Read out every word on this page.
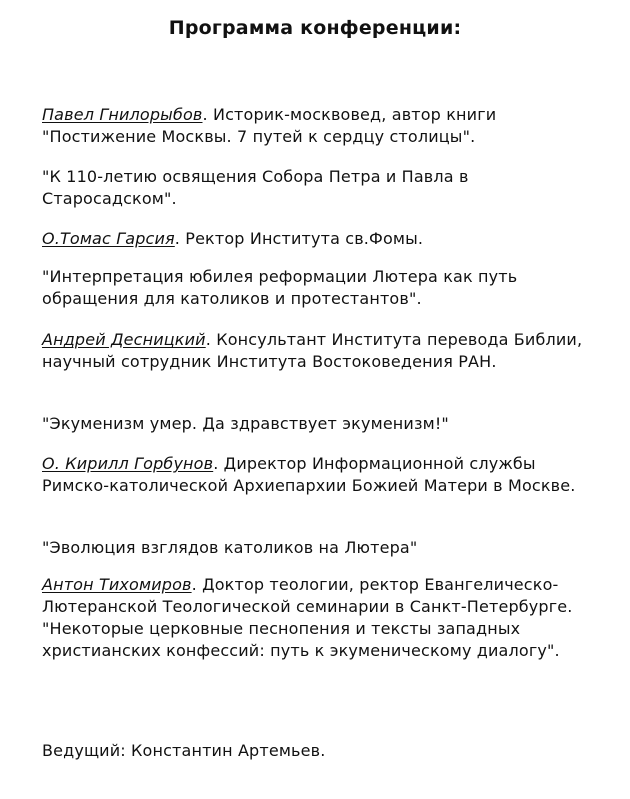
Программа конференции:
Павел Гнилорыбов. Историк-москвовед, автор книги "Постижение Москвы. 7 путей к сердцу столицы".
"К 110-летию освящения Собора Петра и Павла в Старосадском".
О.Томас Гарсия. Ректор Института св.Фомы.
"Интерпретация юбилея реформации Лютера как путь обращения для католиков и протестантов".
Андрей Десницкий. Консультант Института перевода Библии, научный сотрудник Института Востоковедения РАН.
"Экуменизм умер. Да здравствует экуменизм!"
О. Кирилл Горбунов. Директор Информационной службы Римско-католической Архиепархии Божией Матери в Москве.
"Эволюция взглядов католиков на Лютера"
Антон Тихомиров. Доктор теологии, ректор Евангелическо-Лютеранской Теологической семинарии в Санкт-Петербурге. "Некоторые церковные песнопения и тексты западных христианских конфессий: путь к экуменическому диалогу".
Ведущий: Константин Артемьев.
